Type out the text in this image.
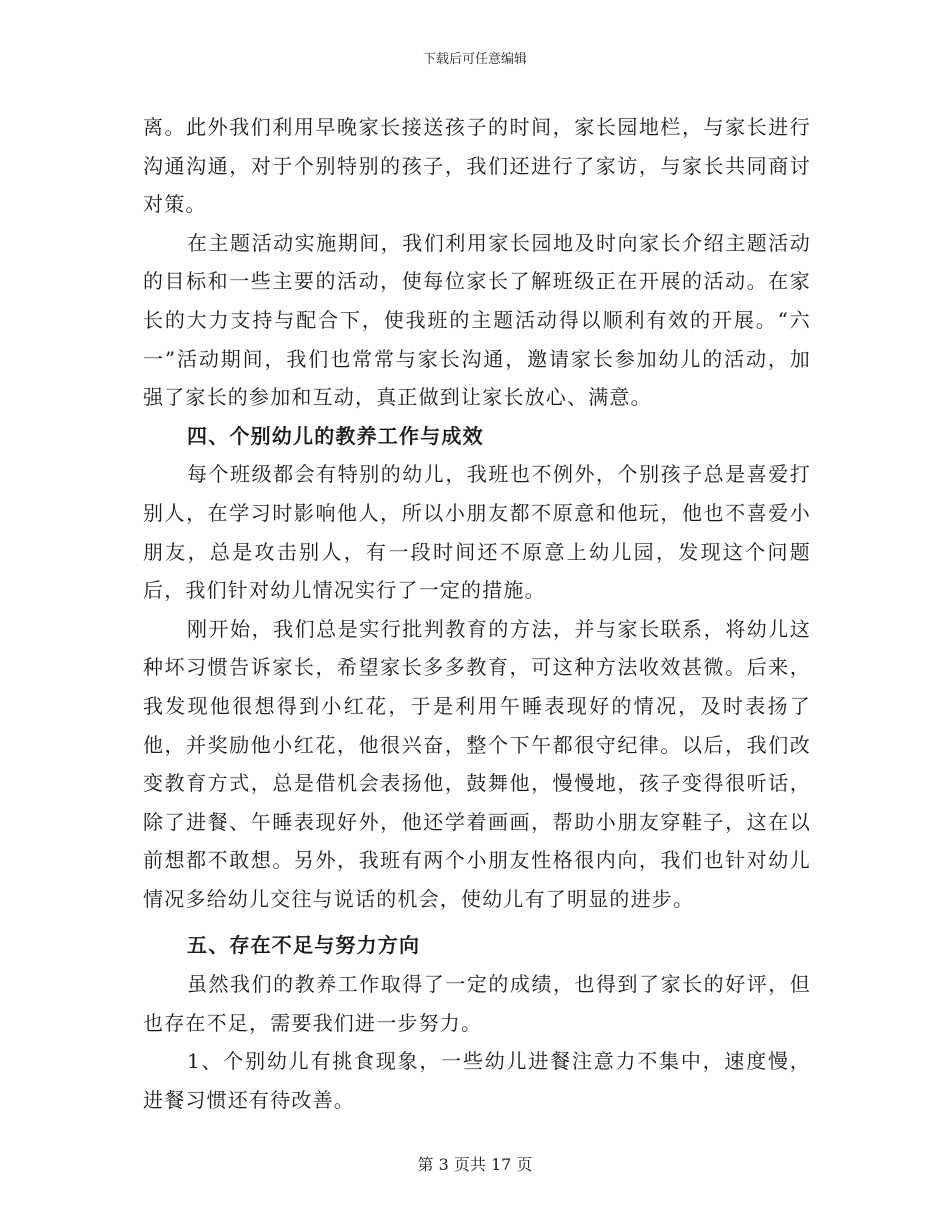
下载后可任意编辑

离。此外我们利用早晚家长接送孩子的时间，家长园地栏，与家长进行沟通沟通，对于个别特别的孩子，我们还进行了家访，与家长共同商讨对策。

在主题活动实施期间，我们利用家长园地及时向家长介绍主题活动的目标和一些主要的活动，使每位家长了解班级正在开展的活动。在家长的大力支持与配合下，使我班的主题活动得以顺利有效的开展。“六一”活动期间，我们也常常与家长沟通，邀请家长参加幼儿的活动，加强了家长的参加和互动，真正做到让家长放心、满意。

四、个别幼儿的教养工作与成效

每个班级都会有特别的幼儿，我班也不例外，个别孩子总是喜爱打别人，在学习时影响他人，所以小朋友都不原意和他玩，他也不喜爱小朋友，总是攻击别人，有一段时间还不原意上幼儿园，发现这个问题后，我们针对幼儿情况实行了一定的措施。

刚开始，我们总是实行批判教育的方法，并与家长联系，将幼儿这种坏习惯告诉家长，希望家长多多教育，可这种方法收效甚微。后来，我发现他很想得到小红花，于是利用午睡表现好的情况，及时表扬了他，并奖励他小红花，他很兴奋，整个下午都很守纪律。以后，我们改变教育方式，总是借机会表扬他，鼓舞他，慢慢地，孩子变得很听话，除了进餐、午睡表现好外，他还学着画画，帮助小朋友穿鞋子，这在以前想都不敢想。另外，我班有两个小朋友性格很内向，我们也针对幼儿情况多给幼儿交往与说话的机会，使幼儿有了明显的进步。

五、存在不足与努力方向

虽然我们的教养工作取得了一定的成绩，也得到了家长的好评，但也存在不足，需要我们进一步努力。

1、个别幼儿有挑食现象，一些幼儿进餐注意力不集中，速度慢，进餐习惯还有待改善。

第 3 页共 17 页
